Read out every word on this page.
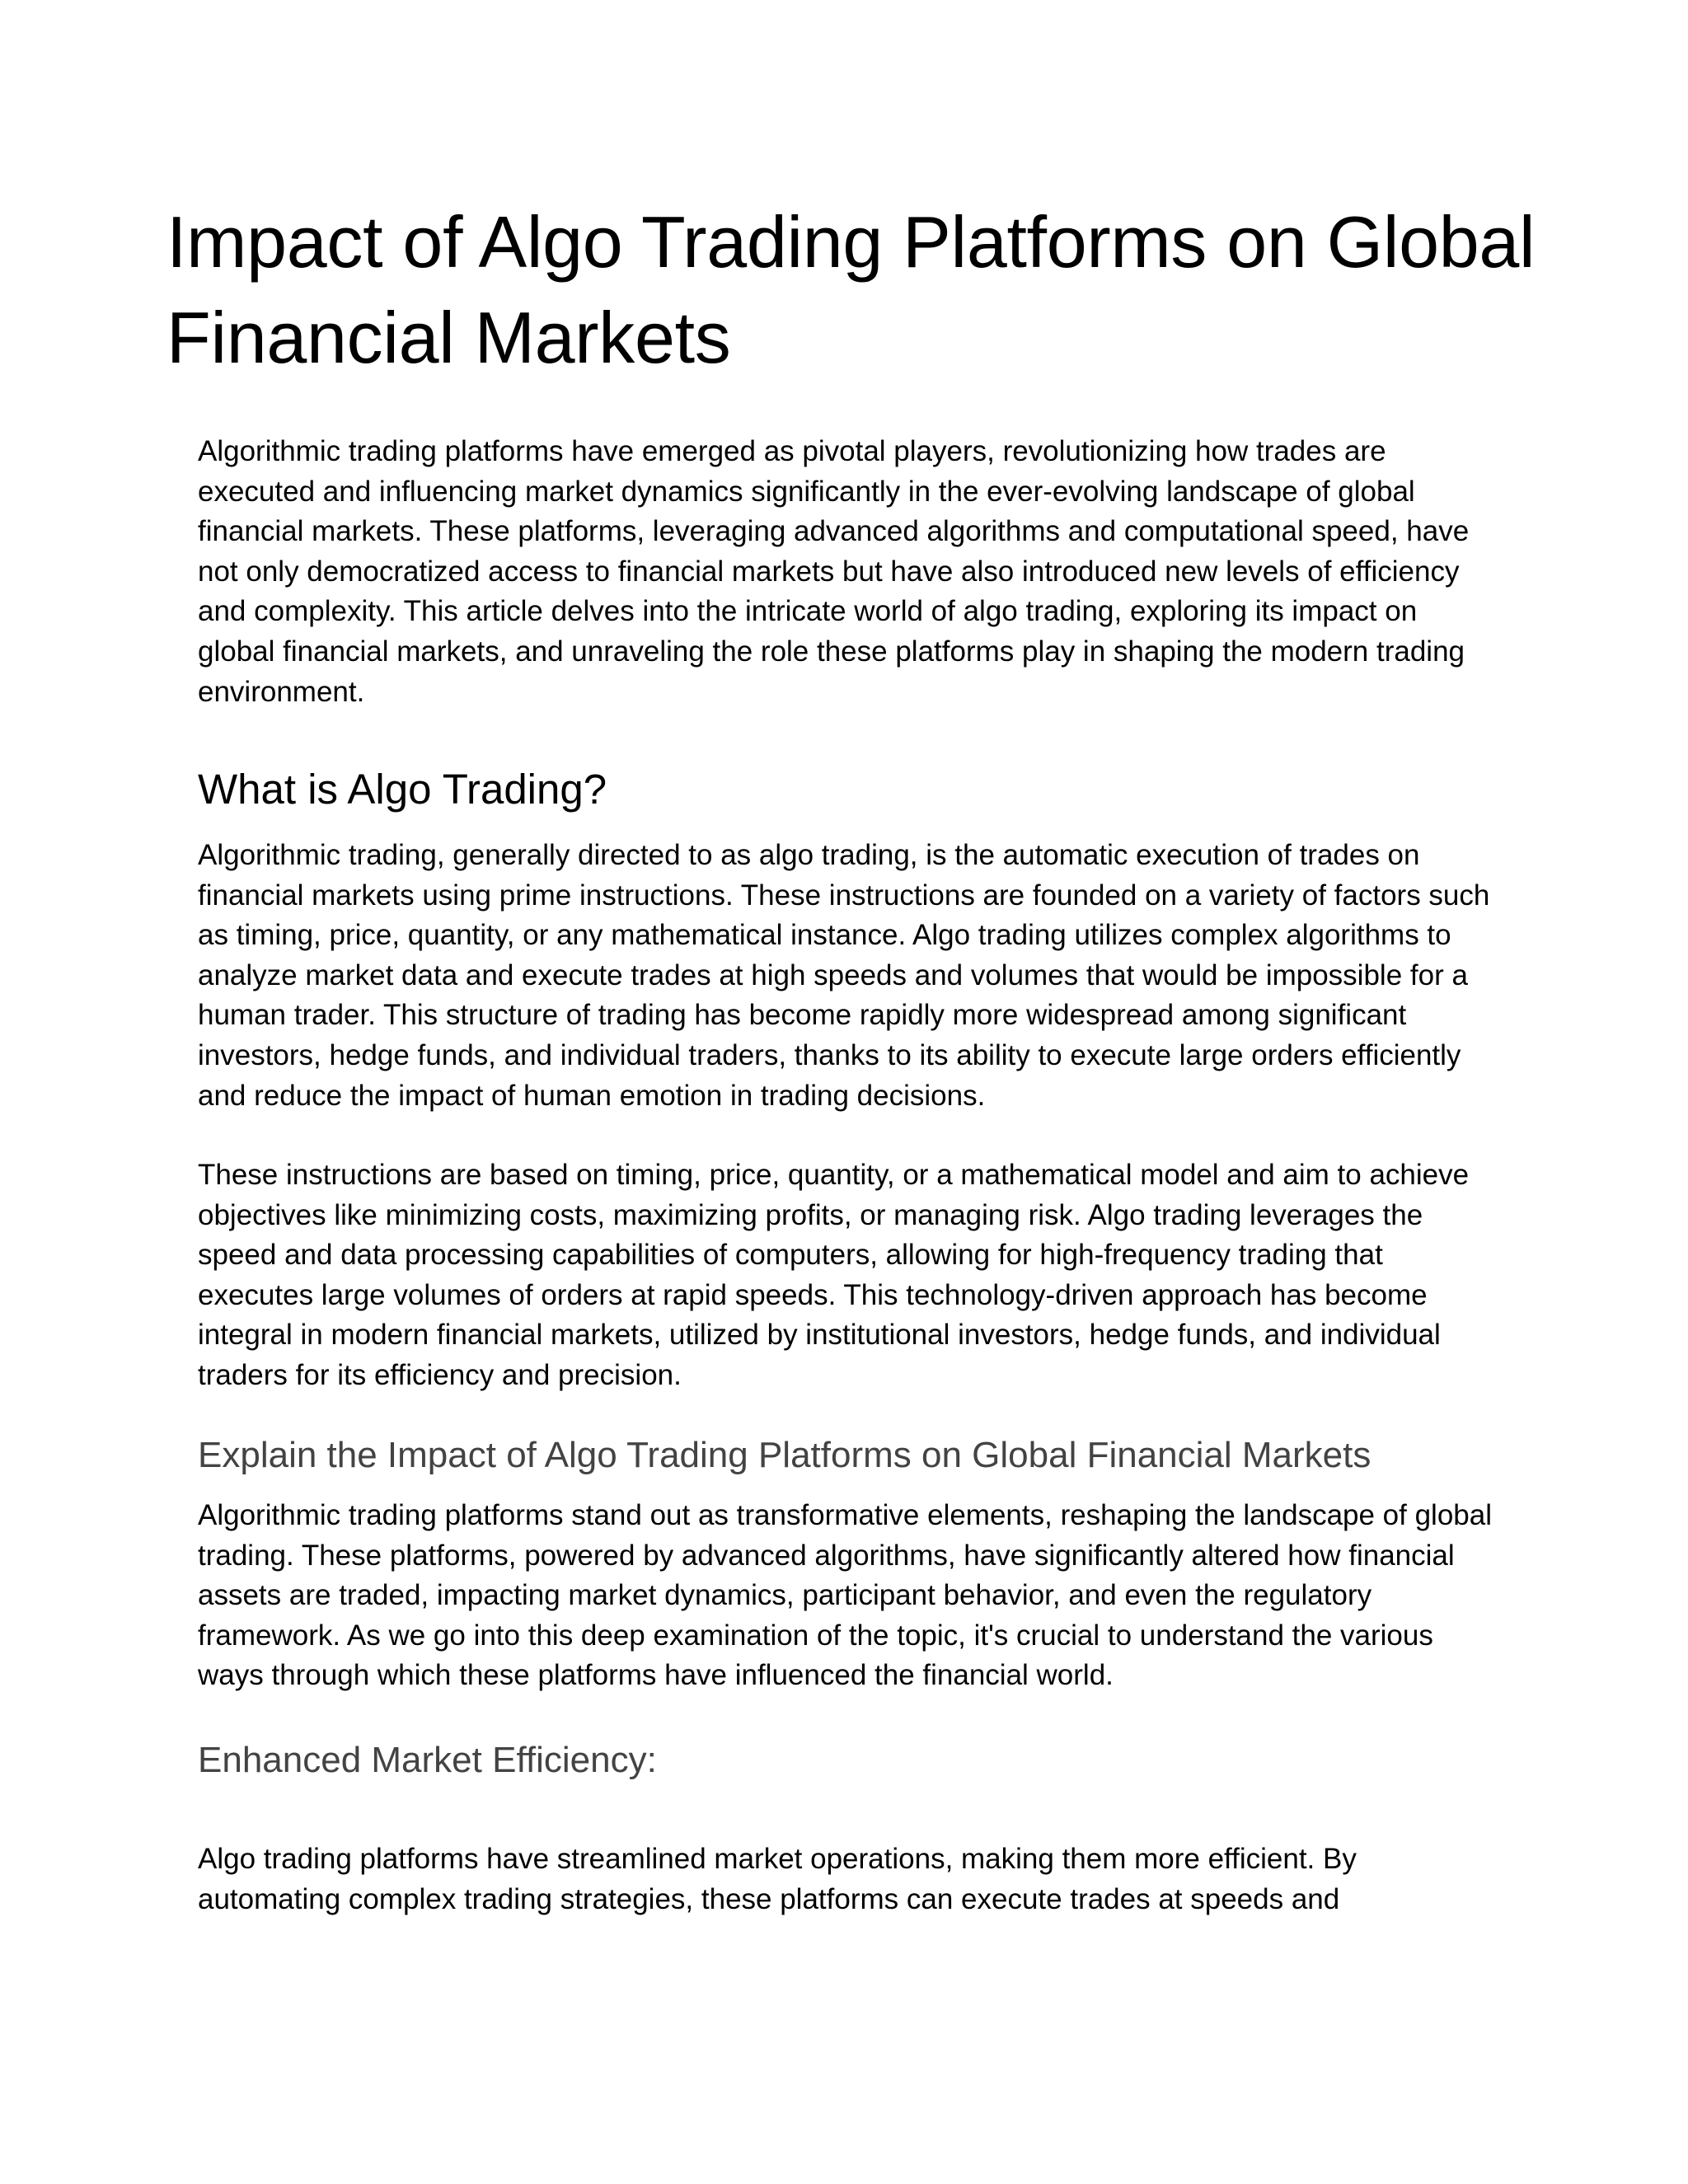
Impact of Algo Trading Platforms on Global Financial Markets

Algorithmic trading platforms have emerged as pivotal players, revolutionizing how trades are executed and influencing market dynamics significantly in the ever-evolving landscape of global financial markets. These platforms, leveraging advanced algorithms and computational speed, have not only democratized access to financial markets but have also introduced new levels of efficiency and complexity. This article delves into the intricate world of algo trading, exploring its impact on global financial markets, and unraveling the role these platforms play in shaping the modern trading environment.

What is Algo Trading?

Algorithmic trading, generally directed to as algo trading, is the automatic execution of trades on financial markets using prime instructions. These instructions are founded on a variety of factors such as timing, price, quantity, or any mathematical instance. Algo trading utilizes complex algorithms to analyze market data and execute trades at high speeds and volumes that would be impossible for a human trader. This structure of trading has become rapidly more widespread among significant investors, hedge funds, and individual traders, thanks to its ability to execute large orders efficiently and reduce the impact of human emotion in trading decisions.

These instructions are based on timing, price, quantity, or a mathematical model and aim to achieve objectives like minimizing costs, maximizing profits, or managing risk. Algo trading leverages the speed and data processing capabilities of computers, allowing for high-frequency trading that executes large volumes of orders at rapid speeds. This technology-driven approach has become integral in modern financial markets, utilized by institutional investors, hedge funds, and individual traders for its efficiency and precision.

Explain the Impact of Algo Trading Platforms on Global Financial Markets

Algorithmic trading platforms stand out as transformative elements, reshaping the landscape of global trading. These platforms, powered by advanced algorithms, have significantly altered how financial assets are traded, impacting market dynamics, participant behavior, and even the regulatory framework. As we go into this deep examination of the topic, it's crucial to understand the various ways through which these platforms have influenced the financial world.

Enhanced Market Efficiency:

Algo trading platforms have streamlined market operations, making them more efficient. By automating complex trading strategies, these platforms can execute trades at speeds and
